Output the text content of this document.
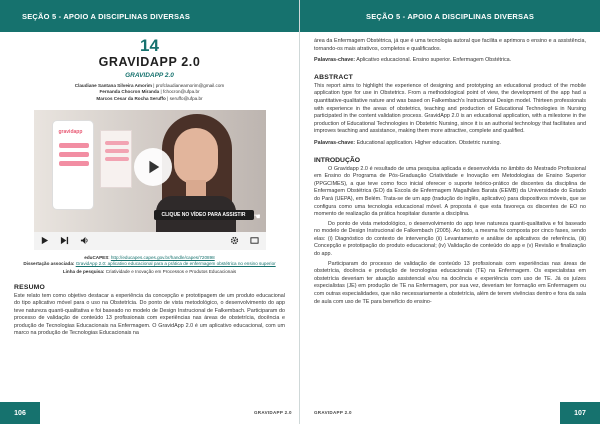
SEÇÃO 5 - APOIO A DISCIPLINAS DIVERSAS
14
GRAVIDAPP 2.0
GRAVIDAPP 2.0
Claudiane Santana Silveira Amorim | profclaudianeamorim@gmail.com
Fernanda Chocron Miranda | fchocron@ufpa.br
Marcos Cesar da Rocha Seruffo | seruffo@ufpa.br
gravidapp
CLIQUE NO VÍDEO PARA ASSISTIR	☚
eduCAPES: http://educapes.capes.gov.br/handle/capes/720898
Dissertação associada: GravidApp 2.0: aplicativo educacional para a prática de enfermagem obstétrica no ensino superior
Linha de pesquisa: Criatividade e Inovação em Processos e Produtos Educacionais
RESUMO
Este relato tem como objetivo destacar a experiência da concepção e prototipagem de um produto educacional do tipo aplicativo móvel para o uso na Obstetrícia. Do ponto de vista metodológico, o desenvolvimento do app teve natureza quanti-qualitativa e foi baseado no modelo de Design Instrucional de Falkembach. Participaram do processo de validação de conteúdo 13 profissionais com experiências nas áreas de obstetrícia, docência e produção de Tecnologias Educacionais na Enfermagem. O GravidApp 2.0 é um aplicativo educacional, com um marco na produção de Tecnologias Educacionais na
106	GRAVIDAPP 2.0
SEÇÃO 5 - APOIO A DISCIPLINAS DIVERSAS
área da Enfermagem Obstétrica, já que é uma tecnologia autoral que facilita e aprimora o ensino e a assistência, tornando-os mais atrativos, completos e qualificados.
Palavras-chave: Aplicativo educacional. Ensino superior. Enfermagem Obstétrica.
ABSTRACT
This report aims to highlight the experience of designing and prototyping an educational product of the mobile application type for use in Obstetrics. From a methodological point of view, the development of the app had a quantitative-qualitative nature and was based on Falkembach's Instructional Design model. Thirteen professionals with experience in the areas of obstetrics, teaching and production of Educational Technologies in Nursing participated in the content validation process. GravidApp 2.0 is an educational application, with a milestone in the production of Educational Technologies in Obstetric Nursing, since it is an authorial technology that facilitates and improves teaching and assistance, making them more attractive, complete and qualified.
Palavras-chave: Educational application. Higher education. Obstetric nursing.
INTRODUÇÃO
O Gravidapp 2.0 é resultado de uma pesquisa aplicada e desenvolvida no âmbito do Mestrado Profissional em Ensino do Programa de Pós-Graduação Criatividade e Inovação em Metodologias de Ensino Superior (PPGCIMES), a que teve como foco inicial oferecer o suporte teórico-prático de discentes da disciplina de Enfermagem Obstétrica (EO) da Escola de Enfermagem Magalhães Barata (EEMB) da Universidade do Estado do Pará (UEPA), em Belém. Trata-se de um app (tradução do inglês, aplicativo) para dispositivos móveis, que se configura como uma tecnologia educacional móvel. A proposta é que esta favoreça os discentes de EO no momento de realização da prática hospitalar durante a disciplina.
Do ponto de vista metodológico, o desenvolvimento do app teve natureza quanti-qualitativa e foi baseado no modelo de Design Instrucional de Falkembach (2005). Ao todo, a mesma foi composta por cinco fases, sendo elas: (i) Diagnóstico do contexto de intervenção (ii) Levantamento e análise de aplicativos de referência, (iii) Concepção e prototipação do produto educacional; (iv) Validação de conteúdo do app e (v) Revisão e finalização do app.
Participaram do processo de validação de conteúdo 13 profissionais com experiências nas áreas de obstetrícia, docência e produção de tecnologias educacionais (TE) na Enfermagem. Os especialistas em obstetrícia deveriam ter atuação assistencial e/ou na docência e experiência com uso de TE. Já os juízes especialistas (JE) em produção de TE na Enfermagem, por sua vez, deveriam ter formação em Enfermagem ou com outras especialidades, que não necessariamente a obstetrícia, além de terem vivências dentro e fora da sala de aula com uso de TE para benefício do ensino-
GRAVIDAPP 2.0	107
